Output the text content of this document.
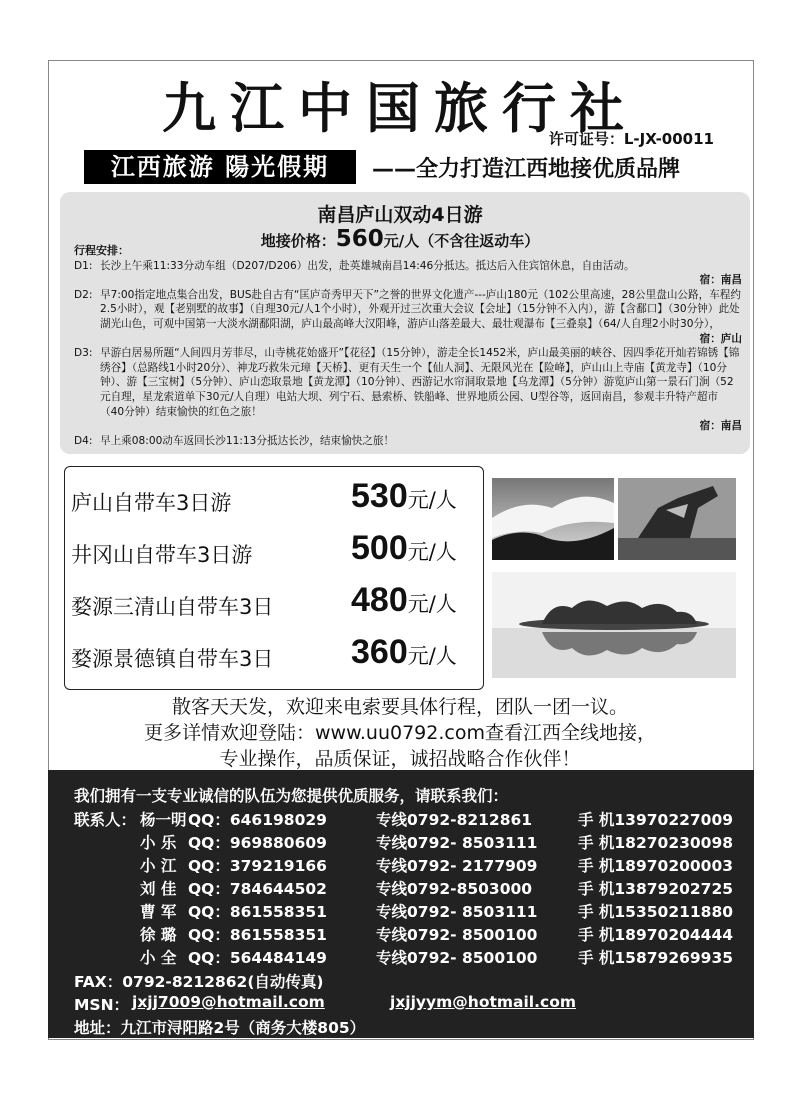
九江中国旅行社
许可证号：L-JX-00011
江西旅游 陽光假期	——全力打造江西地接优质品牌
南昌庐山双动4日游
地接价格：560元/人（不含往返动车）
行程安排：
D1: 长沙上午乘11:33分动车组（D207/D206）出发，赴英雄城南昌14:46分抵达。抵达后入住宾馆休息，自由活动。
宿：南昌
D2: 早7:00指定地点集合出发，BUS赴自古有“匡庐奇秀甲天下”之誉的世界文化遗产---庐山180元（102公里高速，28公里盘山公路，车程约2.5小时），观【老别墅的故事】（自理30元/人1个小时），外观开过三次重大会议【会址】（15分钟不入内），游【含鄱口】（30分钟）此处湖光山色，可观中国第一大淡水湖鄱阳湖，庐山最高峰大汉阳峰，游庐山落差最大、最壮观瀑布【三叠泉】（64/人自理2小时30分），
宿：庐山
D3: 早游白居易所题“人间四月芳菲尽，山寺桃花始盛开”【花径】（15分钟），游走全长1452米，庐山最美丽的峡谷、因四季花开灿若锦锈【锦绣谷】（总路线1小时20分）、神龙巧救朱元璋【天桥】、更有天生一个【仙人洞】、无限风光在【险峰】，庐山山上寺庙【黄龙寺】（10分钟）、游【三宝树】（5分钟）、庐山恋取景地【黄龙潭】（10分钟）、西游记水帘洞取景地【乌龙潭】（5分钟）游览庐山第一景石门涧（52元自理，星龙索道单下30元/人自理）电站大坝、列宁石、悬索桥、铁船峰、世界地质公园、U型谷等，返回南昌，参观丰升特产超市（40分钟）结束愉快的红色之旅！
宿：南昌
D4: 早上乘08:00动车返回长沙11:13分抵达长沙，结束愉快之旅！
庐山自带车3日游	530元/人
井冈山自带车3日游	500元/人
婺源三清山自带车3日 480元/人
婺源景德镇自带车3日 360元/人
散客天天发，欢迎来电索要具体行程，团队一团一议。
更多详情欢迎登陆：www.uu0792.com查看江西全线地接，
专业操作，品质保证，诚招战略合作伙伴！
我们拥有一支专业诚信的队伍为您提供优质服务，请联系我们：
联系人： 杨一明 QQ：646198029	专线0792-8212861	手 机13970227009
小 乐 QQ：969880609	专线0792- 8503111	手 机18270230098
小 江 QQ：379219166	专线0792- 2177909	手 机18970200003
刘 佳 QQ：784644502	专线0792-8503000	手 机13879202725
曹 军 QQ：861558351	专线0792- 8503111	手 机15350211880
徐 璐 QQ：861558351	专线0792- 8500100	手 机18970204444
小 全 QQ：564484149	专线0792- 8500100	手 机15879269935
FAX：0792-8212862(自动传真)
MSN： jxjj7009@hotmail.com	jxjjyym@hotmail.com
地址：九江市浔阳路2号（商务大楼805）
